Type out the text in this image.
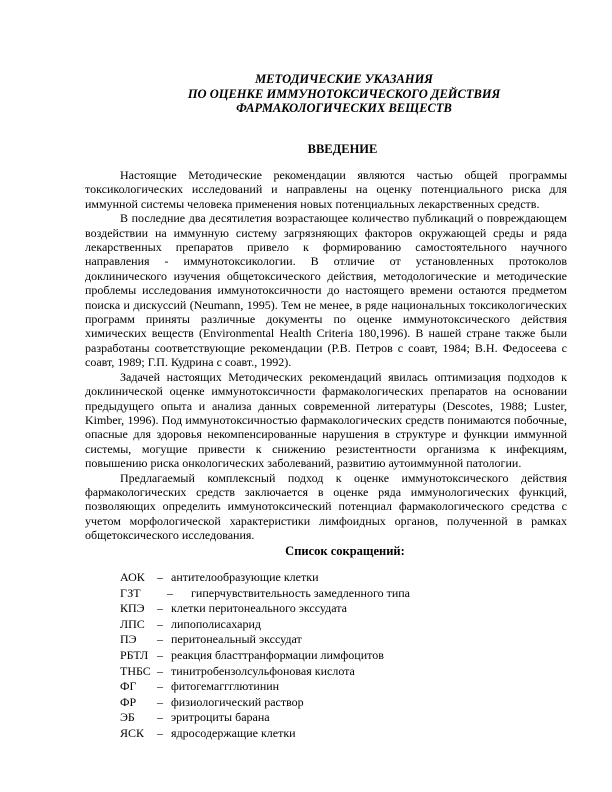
МЕТОДИЧЕСКИЕ УКАЗАНИЯ
ПО ОЦЕНКЕ ИММУНОТОКСИЧЕСКОГО ДЕЙСТВИЯ
ФАРМАКОЛОГИЧЕСКИХ ВЕЩЕСТВ
ВВЕДЕНИЕ

Настоящие Методические рекомендации являются частью общей программы токсикологических исследований и направлены на оценку потенциального риска для иммунной системы человека применения новых потенциальных лекарственных средств.

В последние два десятилетия возрастающее количество публикаций о повреждающем воздействии на иммунную систему загрязняющих факторов окружающей среды и ряда лекарственных препаратов привело к формированию самостоятельного научного направления - иммунотоксикологии. В отличие от установленных протоколов доклинического изучения общетоксического действия, методологические и методические проблемы исследования иммунотоксичности до настоящего времени остаются предметом поиска и дискуссий (Neumann, 1995). Тем не менее, в ряде национальных токсикологических программ приняты различные документы по оценке иммунотоксического действия химических веществ (Environmental Health Criteria 180,1996). В нашей стране также были разработаны соответствующие рекомендации (Р.В. Петров с соавт, 1984; В.Н. Федосеева с соавт, 1989; Г.П. Кудрина с соавт., 1992).

Задачей настоящих Методических рекомендаций явилась оптимизация подходов к доклинической оценке иммунотоксичности фармакологических препаратов на основании предыдущего опыта и анализа данных современной литературы (Descotes, 1988; Luster, Kimber, 1996). Под иммунотоксичностью фармакологических средств понимаются побочные, опасные для здоровья некомпенсированные нарушения в структуре и функции иммунной системы, могущие привести к снижению резистентности организма к инфекциям, повышению риска онкологических заболеваний, развитию аутоиммунной патологии.

Предлагаемый комплексный подход к оценке иммунотоксического действия фармакологических средств заключается в оценке ряда иммунологических функций, позволяющих определить иммунотоксический потенциал фармакологического средства с учетом морфологической характеристики лимфоидных органов, полученной в рамках общетоксического исследования.

Список сокращений:
АОК – антителообразующие клетки
ГЗТ – гиперчувствительность замедленного типа
КПЭ – клетки перитонеального экссудата
ЛПС – липополисахарид
ПЭ – перитонеальный экссудат
РБТЛ – реакция бласттранформации лимфоцитов
ТНБС – тинитробензолсульфоновая кислота
ФГ – фитогемаггглютинин
ФР – физиологический раствор
ЭБ – эритроциты барана
ЯСК – ядросодержащие клетки
